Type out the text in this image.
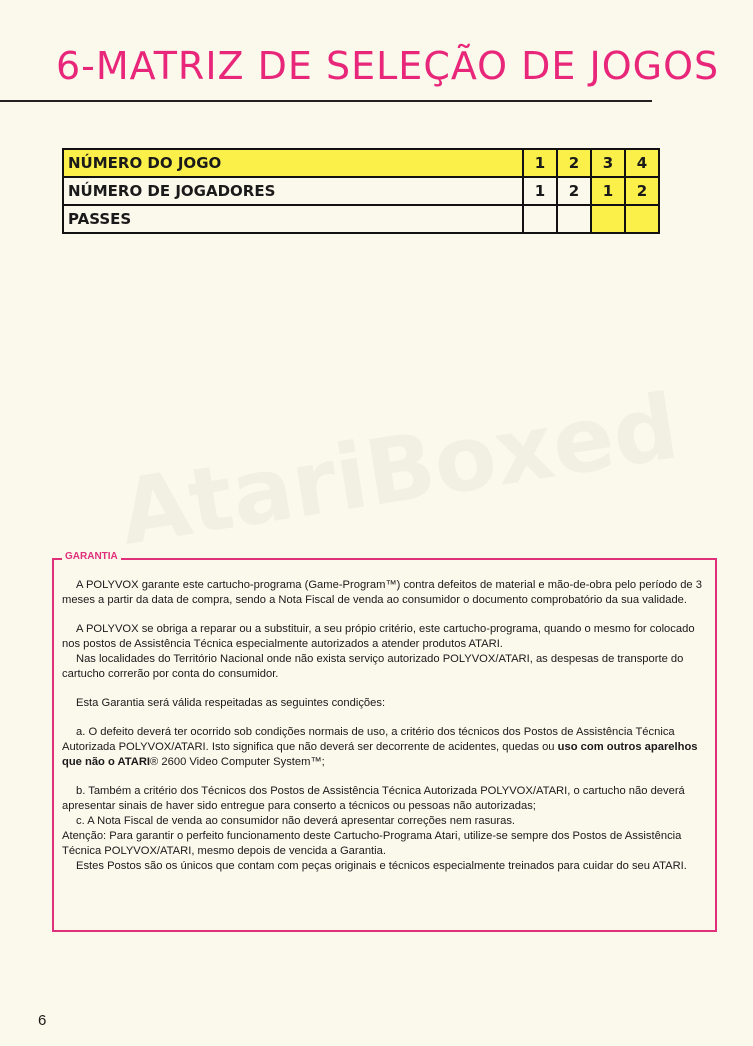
6-MATRIZ DE SELEÇÃO DE JOGOS
NÚMERO DO JOGO	1	2	3	4
NÚMERO DE JOGADORES	1	2	1	2
PASSES				
GARANTIA

A POLYVOX garante este cartucho-programa (Game-Program™) contra defeitos de material e mão-de-obra pelo período de 3 meses a partir da data de compra, sendo a Nota Fiscal de venda ao consumidor o documento comprobatório da sua validade.

A POLYVOX se obriga a reparar ou a substituir, a seu própio critério, este cartucho-programa, quando o mesmo for colocado nos postos de Assistência Técnica especialmente autorizados a atender produtos ATARI.

Nas localidades do Território Nacional onde não exista serviço autorizado POLYVOX/ATARI, as despesas de transporte do cartucho correrão por conta do consumidor.

Esta Garantia será válida respeitadas as seguintes condições:

a. O defeito deverá ter ocorrido sob condições normais de uso, a critério dos técnicos dos Postos de Assistência Técnica Autorizada POLYVOX/ATARI. Isto significa que não deverá ser decorrente de acidentes, quedas ou uso com outros aparelhos que não o ATARI® 2600 Video Computer System™;

b. Também a critério dos Técnicos dos Postos de Assistência Técnica Autorizada POLYVOX/ATARI, o cartucho não deverá apresentar sinais de haver sido entregue para conserto a técnicos ou pessoas não autorizadas;

c. A Nota Fiscal de venda ao consumidor não deverá apresentar correções nem rasuras.

Atenção: Para garantir o perfeito funcionamento deste Cartucho-Programa Atari, utilize-se sempre dos Postos de Assistência Técnica POLYVOX/ATARI, mesmo depois de vencida a Garantia.

Estes Postos são os únicos que contam com peças originais e técnicos especialmente treinados para cuidar do seu ATARI.

6
